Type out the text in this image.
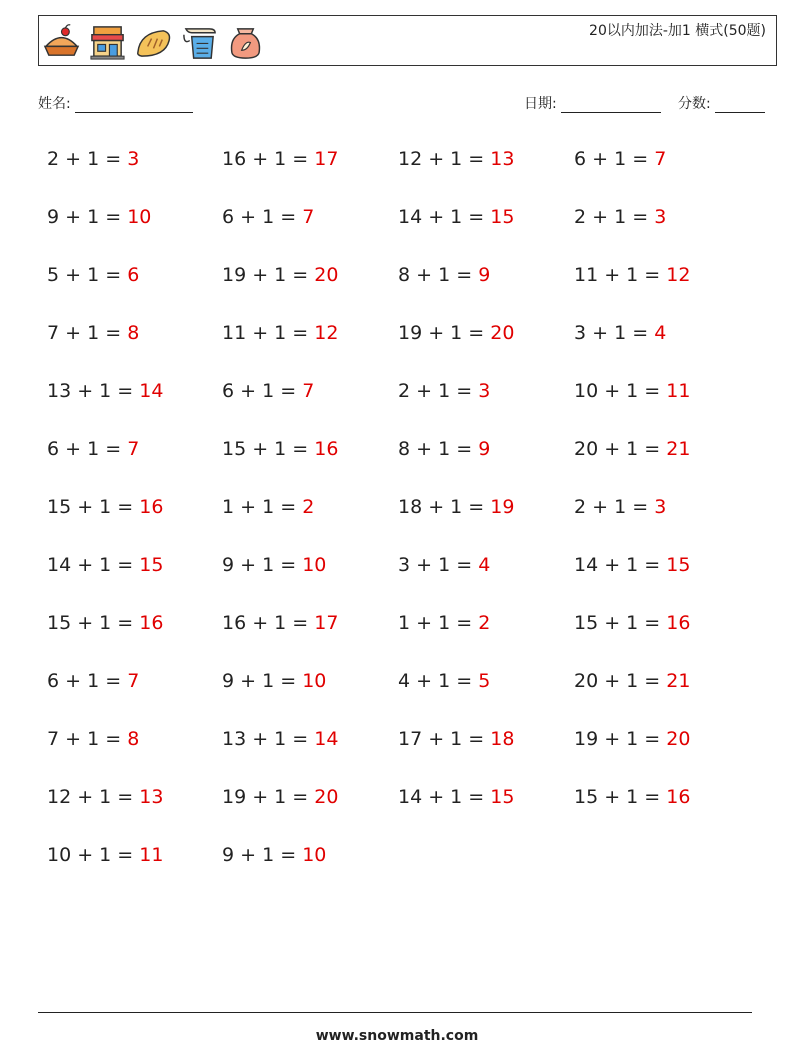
20以内加法-加1 横式(50题)
姓名:	日期:	分数:
2 + 1 = 3	16 + 1 = 17	12 + 1 = 13	6 + 1 = 7
9 + 1 = 10	6 + 1 = 7	14 + 1 = 15	2 + 1 = 3
5 + 1 = 6	19 + 1 = 20	8 + 1 = 9	11 + 1 = 12
7 + 1 = 8	11 + 1 = 12	19 + 1 = 20	3 + 1 = 4
13 + 1 = 14	6 + 1 = 7	2 + 1 = 3	10 + 1 = 11
6 + 1 = 7	15 + 1 = 16	8 + 1 = 9	20 + 1 = 21
15 + 1 = 16	1 + 1 = 2	18 + 1 = 19	2 + 1 = 3
14 + 1 = 15	9 + 1 = 10	3 + 1 = 4	14 + 1 = 15
15 + 1 = 16	16 + 1 = 17	1 + 1 = 2	15 + 1 = 16
6 + 1 = 7	9 + 1 = 10	4 + 1 = 5	20 + 1 = 21
7 + 1 = 8	13 + 1 = 14	17 + 1 = 18	19 + 1 = 20
12 + 1 = 13	19 + 1 = 20	14 + 1 = 15	15 + 1 = 16
10 + 1 = 11	9 + 1 = 10
www.snowmath.com
